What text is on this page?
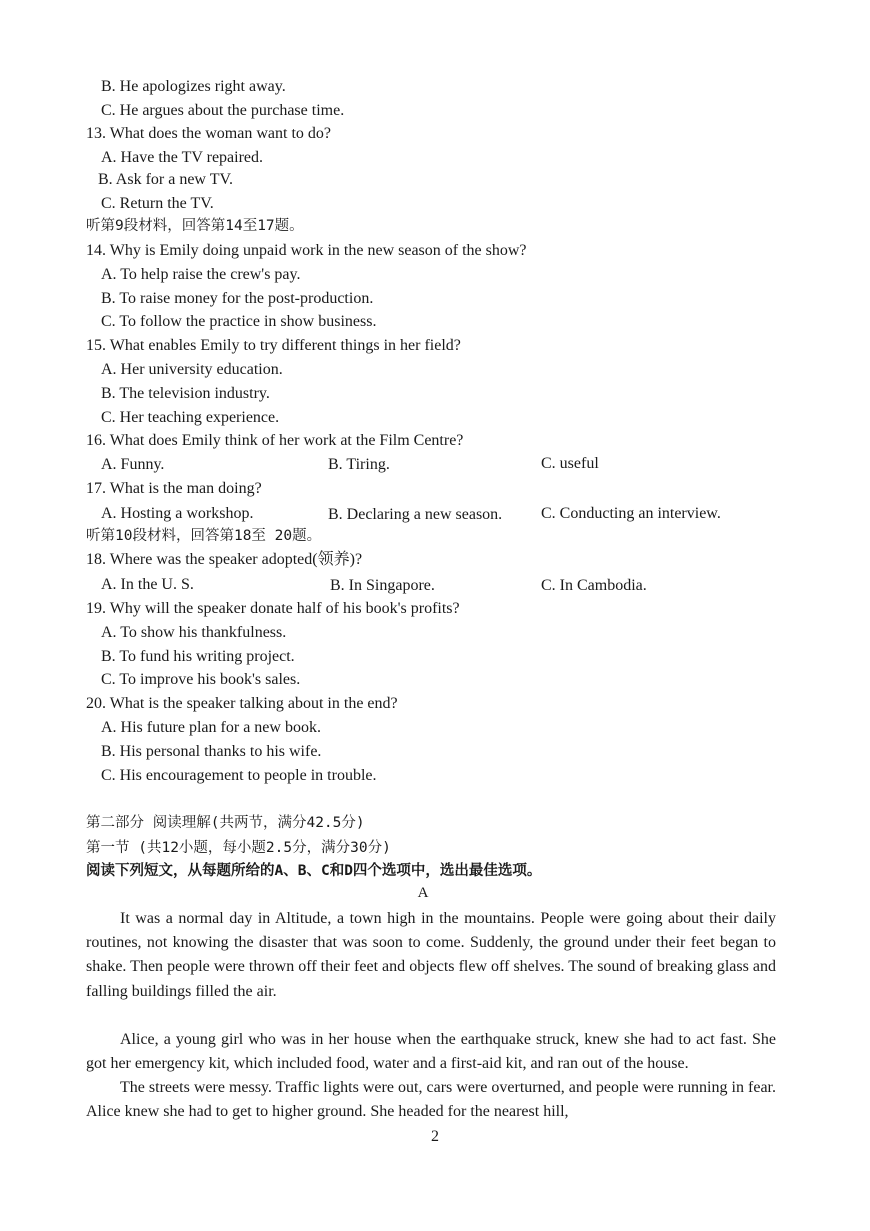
B. He apologizes right away.
C. He argues about the purchase time.
13. What does the woman want to do?
A. Have the TV repaired.
B. Ask for a new TV.
C. Return the TV.
听第9段材料，回答第14至17题。
14. Why is Emily doing unpaid work in the new season of the show?
A. To help raise the crew's pay.
B. To raise money for the post-production.
C. To follow the practice in show business.
15. What enables Emily to try different things in her field?
A. Her university education.
B. The television industry.
C. Her teaching experience.
16. What does Emily think of her work at the Film Centre?
A. Funny.	B. Tiring.	C. useful
17. What is the man doing?
A. Hosting a workshop.	B. Declaring a new season. C. Conducting an interview.
听第10段材料，回答第18至 20题。
18. Where was the speaker adopted(领养)?
A. In the U. S.	B. In Singapore.	C. In Cambodia.
19. Why will the speaker donate half of his book's profits?
A. To show his thankfulness.
B. To fund his writing project.
C. To improve his book's sales.
20. What is the speaker talking about in the end?
A. His future plan for a new book.
B. His personal thanks to his wife.
C. His encouragement to people in trouble.
第二部分 阅读理解(共两节，满分42.5分)
第一节 (共12小题，每小题2.5分，满分30分)
阅读下列短文，从每题所给的A、B、C和D四个选项中，选出最佳选项。
A
It was a normal day in Altitude, a town high in the mountains. People were going about their daily routines, not knowing the disaster that was soon to come. Suddenly, the ground under their feet began to shake. Then people were thrown off their feet and objects flew off shelves. The sound of breaking glass and falling buildings filled the air.
Alice, a young girl who was in her house when the earthquake struck, knew she had to act fast. She got her emergency kit, which included food, water and a first-aid kit, and ran out of the house.
The streets were messy. Traffic lights were out, cars were overturned, and people were running in fear. Alice knew she had to get to higher ground. She headed for the nearest hill,
2
